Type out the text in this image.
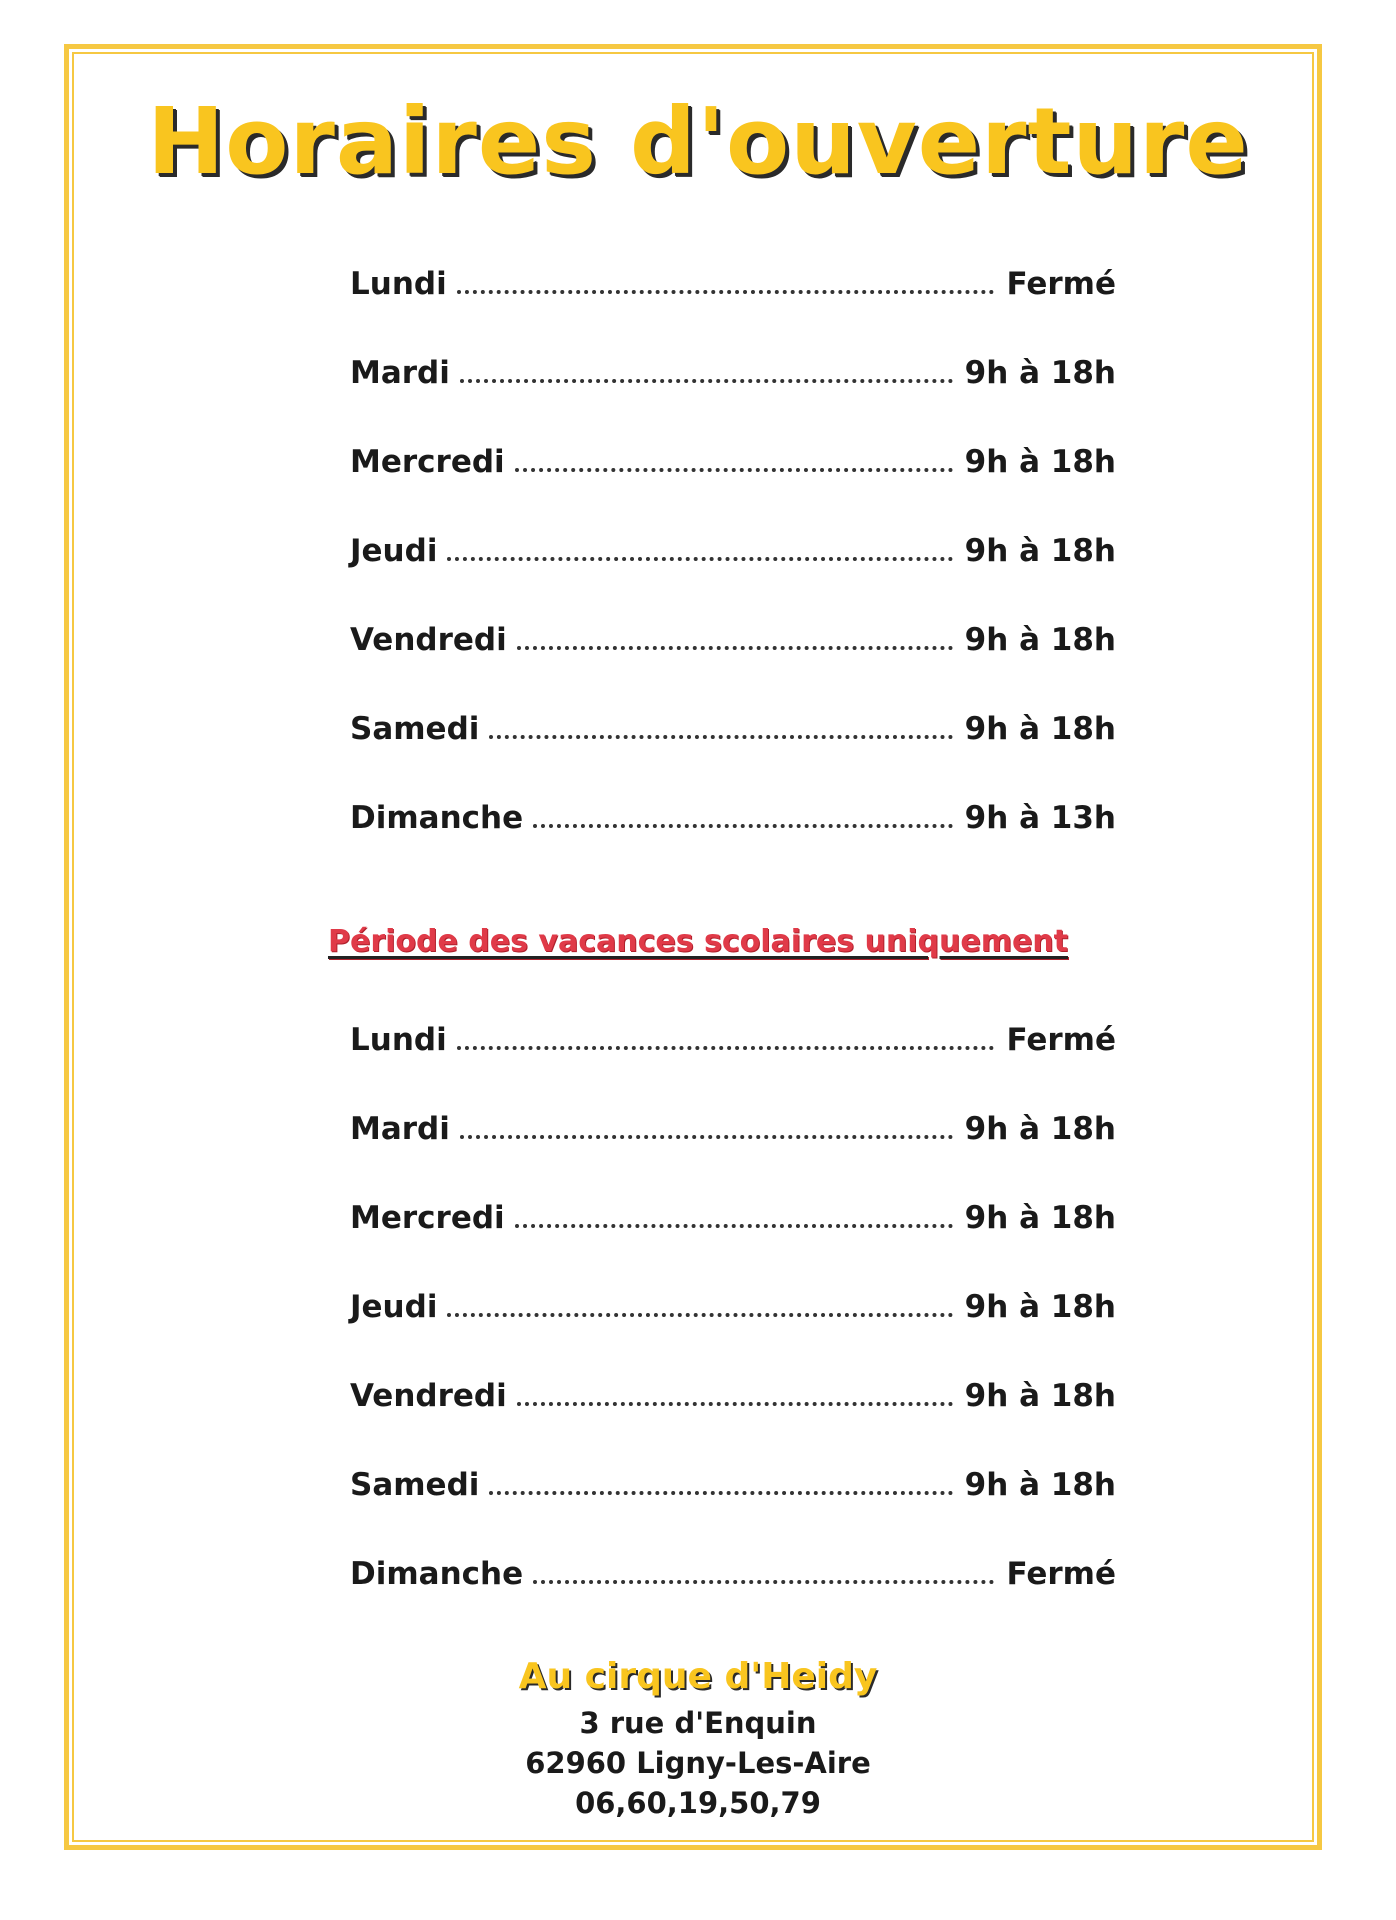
Horaires d'ouverture
Lundi	Fermé
Mardi	9h à 18h
Mercredi	9h à 18h
Jeudi	9h à 18h
Vendredi	9h à 18h
Samedi	9h à 18h
Dimanche	9h à 13h

Période des vacances scolaires uniquement

Lundi	Fermé
Mardi	9h à 18h
Mercredi	9h à 18h
Jeudi	9h à 18h
Vendredi	9h à 18h
Samedi	9h à 18h
Dimanche	Fermé

Au cirque d'Heidy

3 rue d'Enquin

62960 Ligny-Les-Aire

06,60,19,50,79
